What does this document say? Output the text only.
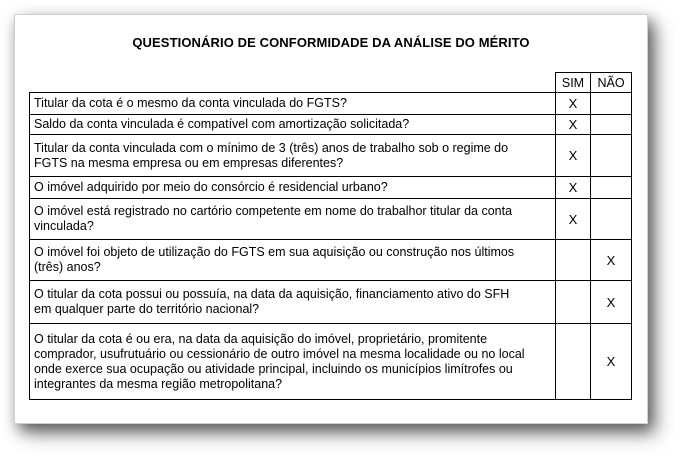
QUESTIONÁRIO DE CONFORMIDADE DA ANÁLISE DO MÉRITO
	SIM	NÃO

Titular da cota é o mesmo da conta vinculada do FGTS?	X	

Saldo da conta vinculada é compatível com amortização solicitada?	X	

Titular da conta vinculada com o mínimo de 3 (três) anos de trabalho sob o regime do
FGTS na mesma empresa ou em empresas diferentes?	X	

O imóvel adquirido por meio do consórcio é residencial urbano?	X	

O imóvel está registrado no cartório competente em nome do trabalhor titular da conta
vinculada?	X	

O imóvel foi objeto de utilização do FGTS em sua aquisição ou construção nos últimos
(três) anos?		X

O titular da cota possui ou possuía, na data da aquisição, financiamento ativo do SFH
em qualquer parte do território nacional?		X

O titular da cota é ou era, na data da aquisição do imóvel, proprietário, promitente
comprador, usufrutuário ou cessionário de outro imóvel na mesma localidade ou no local
onde exerce sua ocupação ou atividade principal, incluindo os municípios limítrofes ou
integrantes da mesma região metropolitana?		X
